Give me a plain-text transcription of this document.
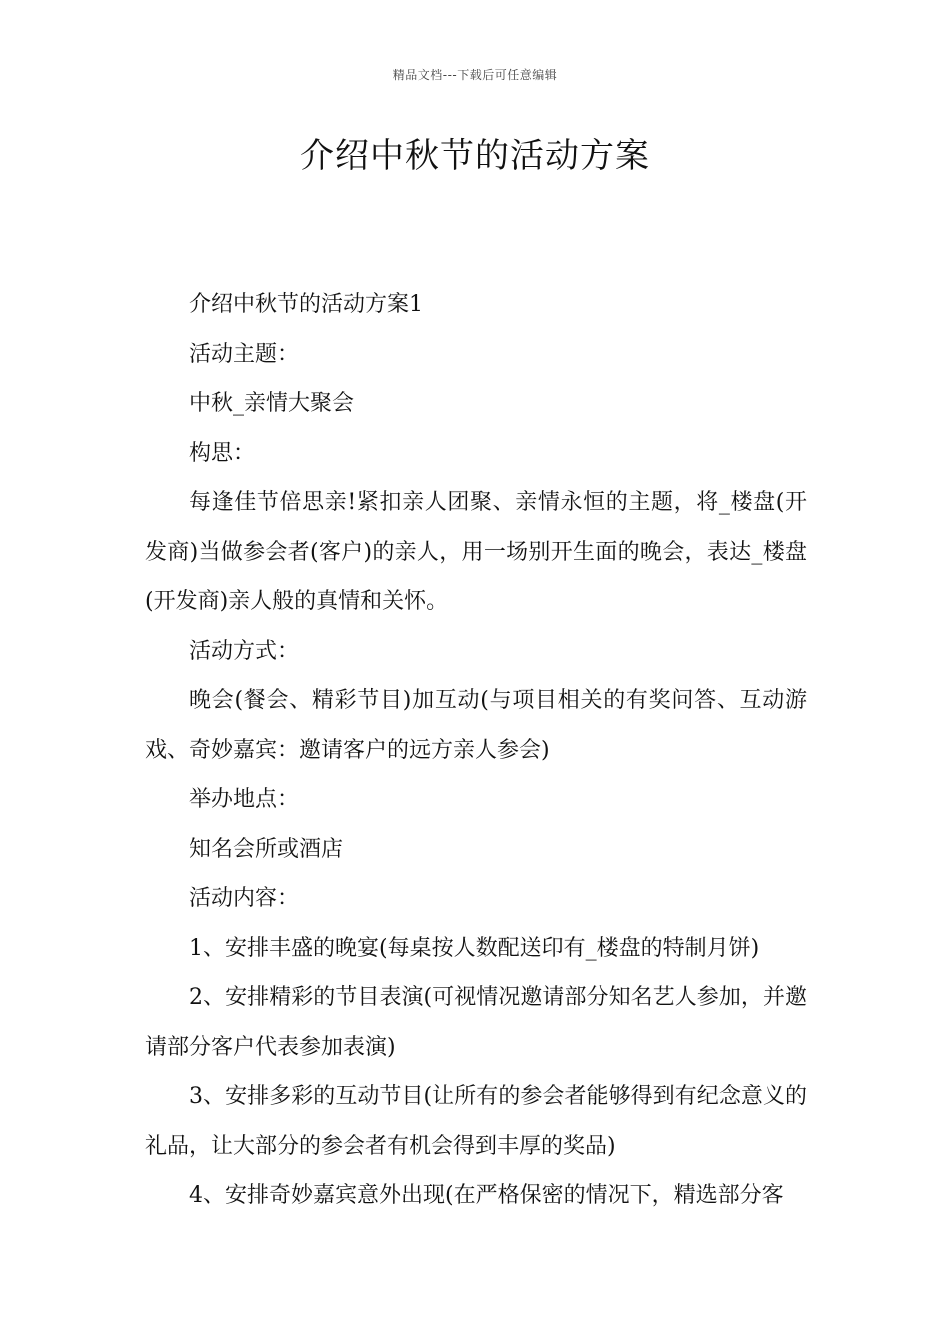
精品文档---下载后可任意编辑
介绍中秋节的活动方案

介绍中秋节的活动方案1

活动主题：

中秋_亲情大聚会

构思：

每逢佳节倍思亲!紧扣亲人团聚、亲情永恒的主题，将_楼盘(开发商)当做参会者(客户)的亲人，用一场别开生面的晚会，表达_楼盘(开发商)亲人般的真情和关怀。

活动方式：

晚会(餐会、精彩节目)加互动(与项目相关的有奖问答、互动游戏、奇妙嘉宾：邀请客户的远方亲人参会)

举办地点：

知名会所或酒店

活动内容：

1、安排丰盛的晚宴(每桌按人数配送印有_楼盘的特制月饼)

2、安排精彩的节目表演(可视情况邀请部分知名艺人参加，并邀请部分客户代表参加表演)

3、安排多彩的互动节目(让所有的参会者能够得到有纪念意义的礼品，让大部分的参会者有机会得到丰厚的奖品)

4、安排奇妙嘉宾意外出现(在严格保密的情况下，精选部分客
